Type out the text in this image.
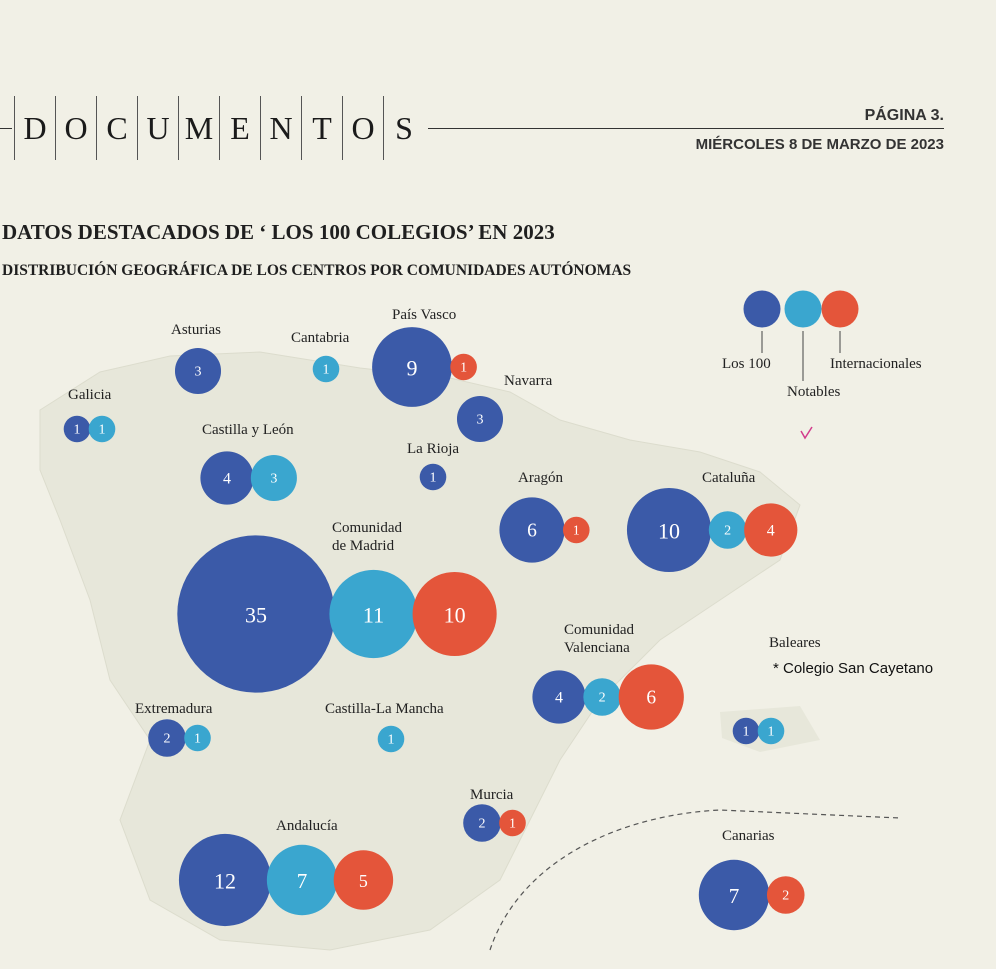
D O C U M E N T O S	PÁGINA 3.
MIÉRCOLES 8 DE MARZO DE 2023
DATOS DESTACADOS DE ‘ LOS 100 COLEGIOS’ EN 2023
DISTRIBUCIÓN GEOGRÁFICA DE LOS CENTROS POR COMUNIDADES AUTÓNOMAS
3	1	9	1
1 1
3
4	3	1
6	1	10	2 4
35	11	10
4	2 6
1 1
2 1	1
2 1
12	7	5
7	2
Asturias	Cantabria
País Vasco
Galicia
Navarra
Castilla y León
La Rioja
Aragón	Cataluña
Comunidad de Madrid
Comunidad Valenciana	Baleares
Extremadura	Castilla-La Mancha
Murcia
Andalucía
Canarias
Los 100
Notables
Internacionales
* Colegio San Cayetano
